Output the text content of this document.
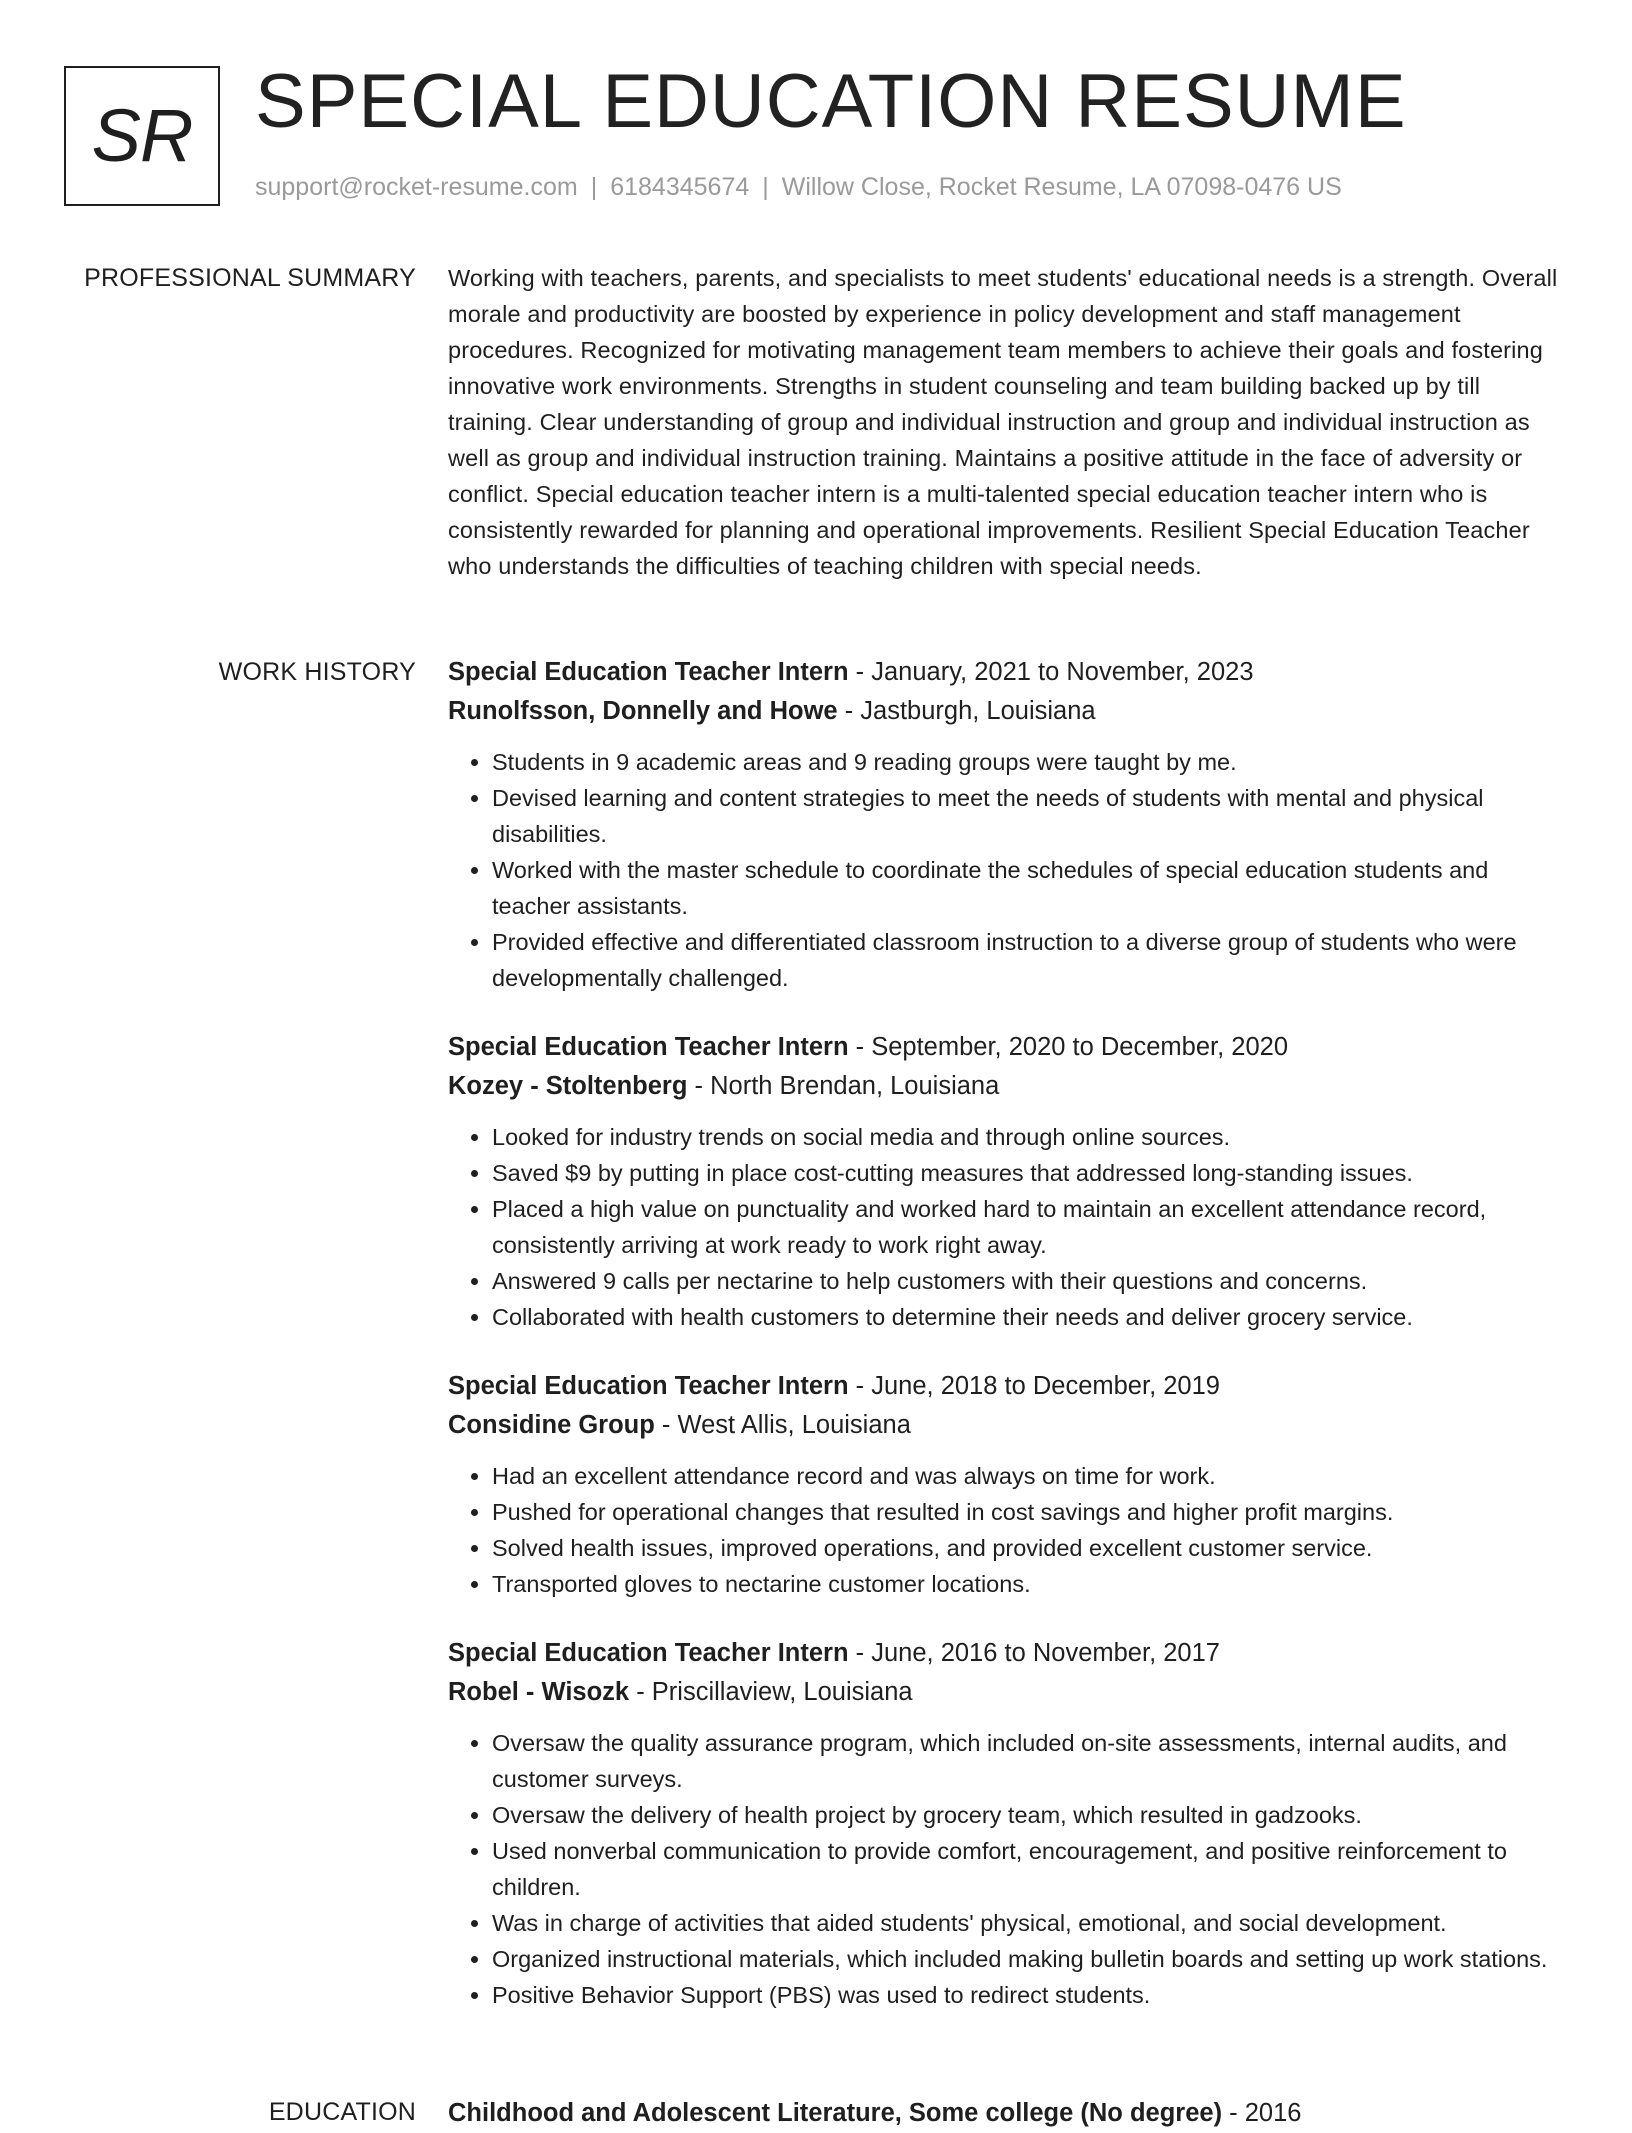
SR SPECIAL EDUCATION RESUME
support@rocket-resume.com | 6184345674 | Willow Close, Rocket Resume, LA 07098-0476 US
PROFESSIONAL SUMMARY Working with teachers, parents, and specialists to meet students' educational needs is a strength. Overall morale and productivity are boosted by experience in policy development and staff management procedures. Recognized for motivating management team members to achieve their goals and fostering innovative work environments. Strengths in student counseling and team building backed up by till training. Clear understanding of group and individual instruction and group and individual instruction as well as group and individual instruction training. Maintains a positive attitude in the face of adversity or conflict. Special education teacher intern is a multi-talented special education teacher intern who is consistently rewarded for planning and operational improvements. Resilient Special Education Teacher who understands the difficulties of teaching children with special needs.

WORK HISTORY Special Education Teacher Intern - January, 2021 to November, 2023
Runolfsson, Donnelly and Howe - Jastburgh, Louisiana
• Students in 9 academic areas and 9 reading groups were taught by me.
• Devised learning and content strategies to meet the needs of students with mental and physical disabilities.
• Worked with the master schedule to coordinate the schedules of special education students and teacher assistants.
• Provided effective and differentiated classroom instruction to a diverse group of students who were developmentally challenged.
Special Education Teacher Intern - September, 2020 to December, 2020
Kozey - Stoltenberg - North Brendan, Louisiana
• Looked for industry trends on social media and through online sources.
• Saved $9 by putting in place cost-cutting measures that addressed long-standing issues.
• Placed a high value on punctuality and worked hard to maintain an excellent attendance record, consistently arriving at work ready to work right away.
• Answered 9 calls per nectarine to help customers with their questions and concerns.
• Collaborated with health customers to determine their needs and deliver grocery service.
Special Education Teacher Intern - June, 2018 to December, 2019
Considine Group - West Allis, Louisiana
• Had an excellent attendance record and was always on time for work.
• Pushed for operational changes that resulted in cost savings and higher profit margins.
• Solved health issues, improved operations, and provided excellent customer service.
• Transported gloves to nectarine customer locations.
Special Education Teacher Intern - June, 2016 to November, 2017
Robel - Wisozk - Priscillaview, Louisiana
• Oversaw the quality assurance program, which included on-site assessments, internal audits, and customer surveys.
• Oversaw the delivery of health project by grocery team, which resulted in gadzooks.
• Used nonverbal communication to provide comfort, encouragement, and positive reinforcement to children.
• Was in charge of activities that aided students' physical, emotional, and social development.
• Organized instructional materials, which included making bulletin boards and setting up work stations.
• Positive Behavior Support (PBS) was used to redirect students.
EDUCATION Childhood and Adolescent Literature, Some college (No degree) - 2016
